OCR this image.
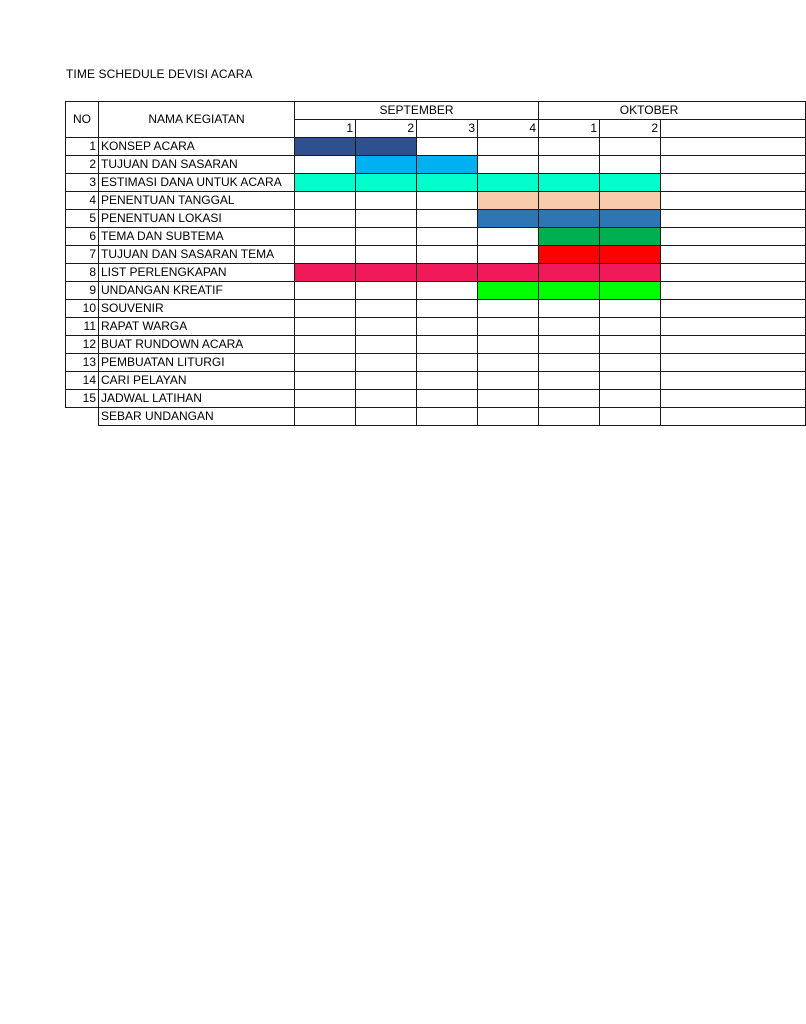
TIME SCHEDULE DEVISI ACARA
NO	NAMA KEGIATAN	SEPTEMBER				OKTOBER		
		1	2	3	4	1	2	
1	KONSEP ACARA							
2	TUJUAN DAN SASARAN							
3	ESTIMASI DANA UNTUK ACARA							
4	PENENTUAN TANGGAL							
5	PENENTUAN LOKASI							
6	TEMA DAN SUBTEMA							
7	TUJUAN DAN SASARAN TEMA							
8	LIST PERLENGKAPAN							
9	UNDANGAN KREATIF							
10	SOUVENIR							
11	RAPAT WARGA							
12	BUAT RUNDOWN ACARA							
13	PEMBUATAN LITURGI							
14	CARI PELAYAN							
15	JADWAL LATIHAN							
	SEBAR UNDANGAN							
